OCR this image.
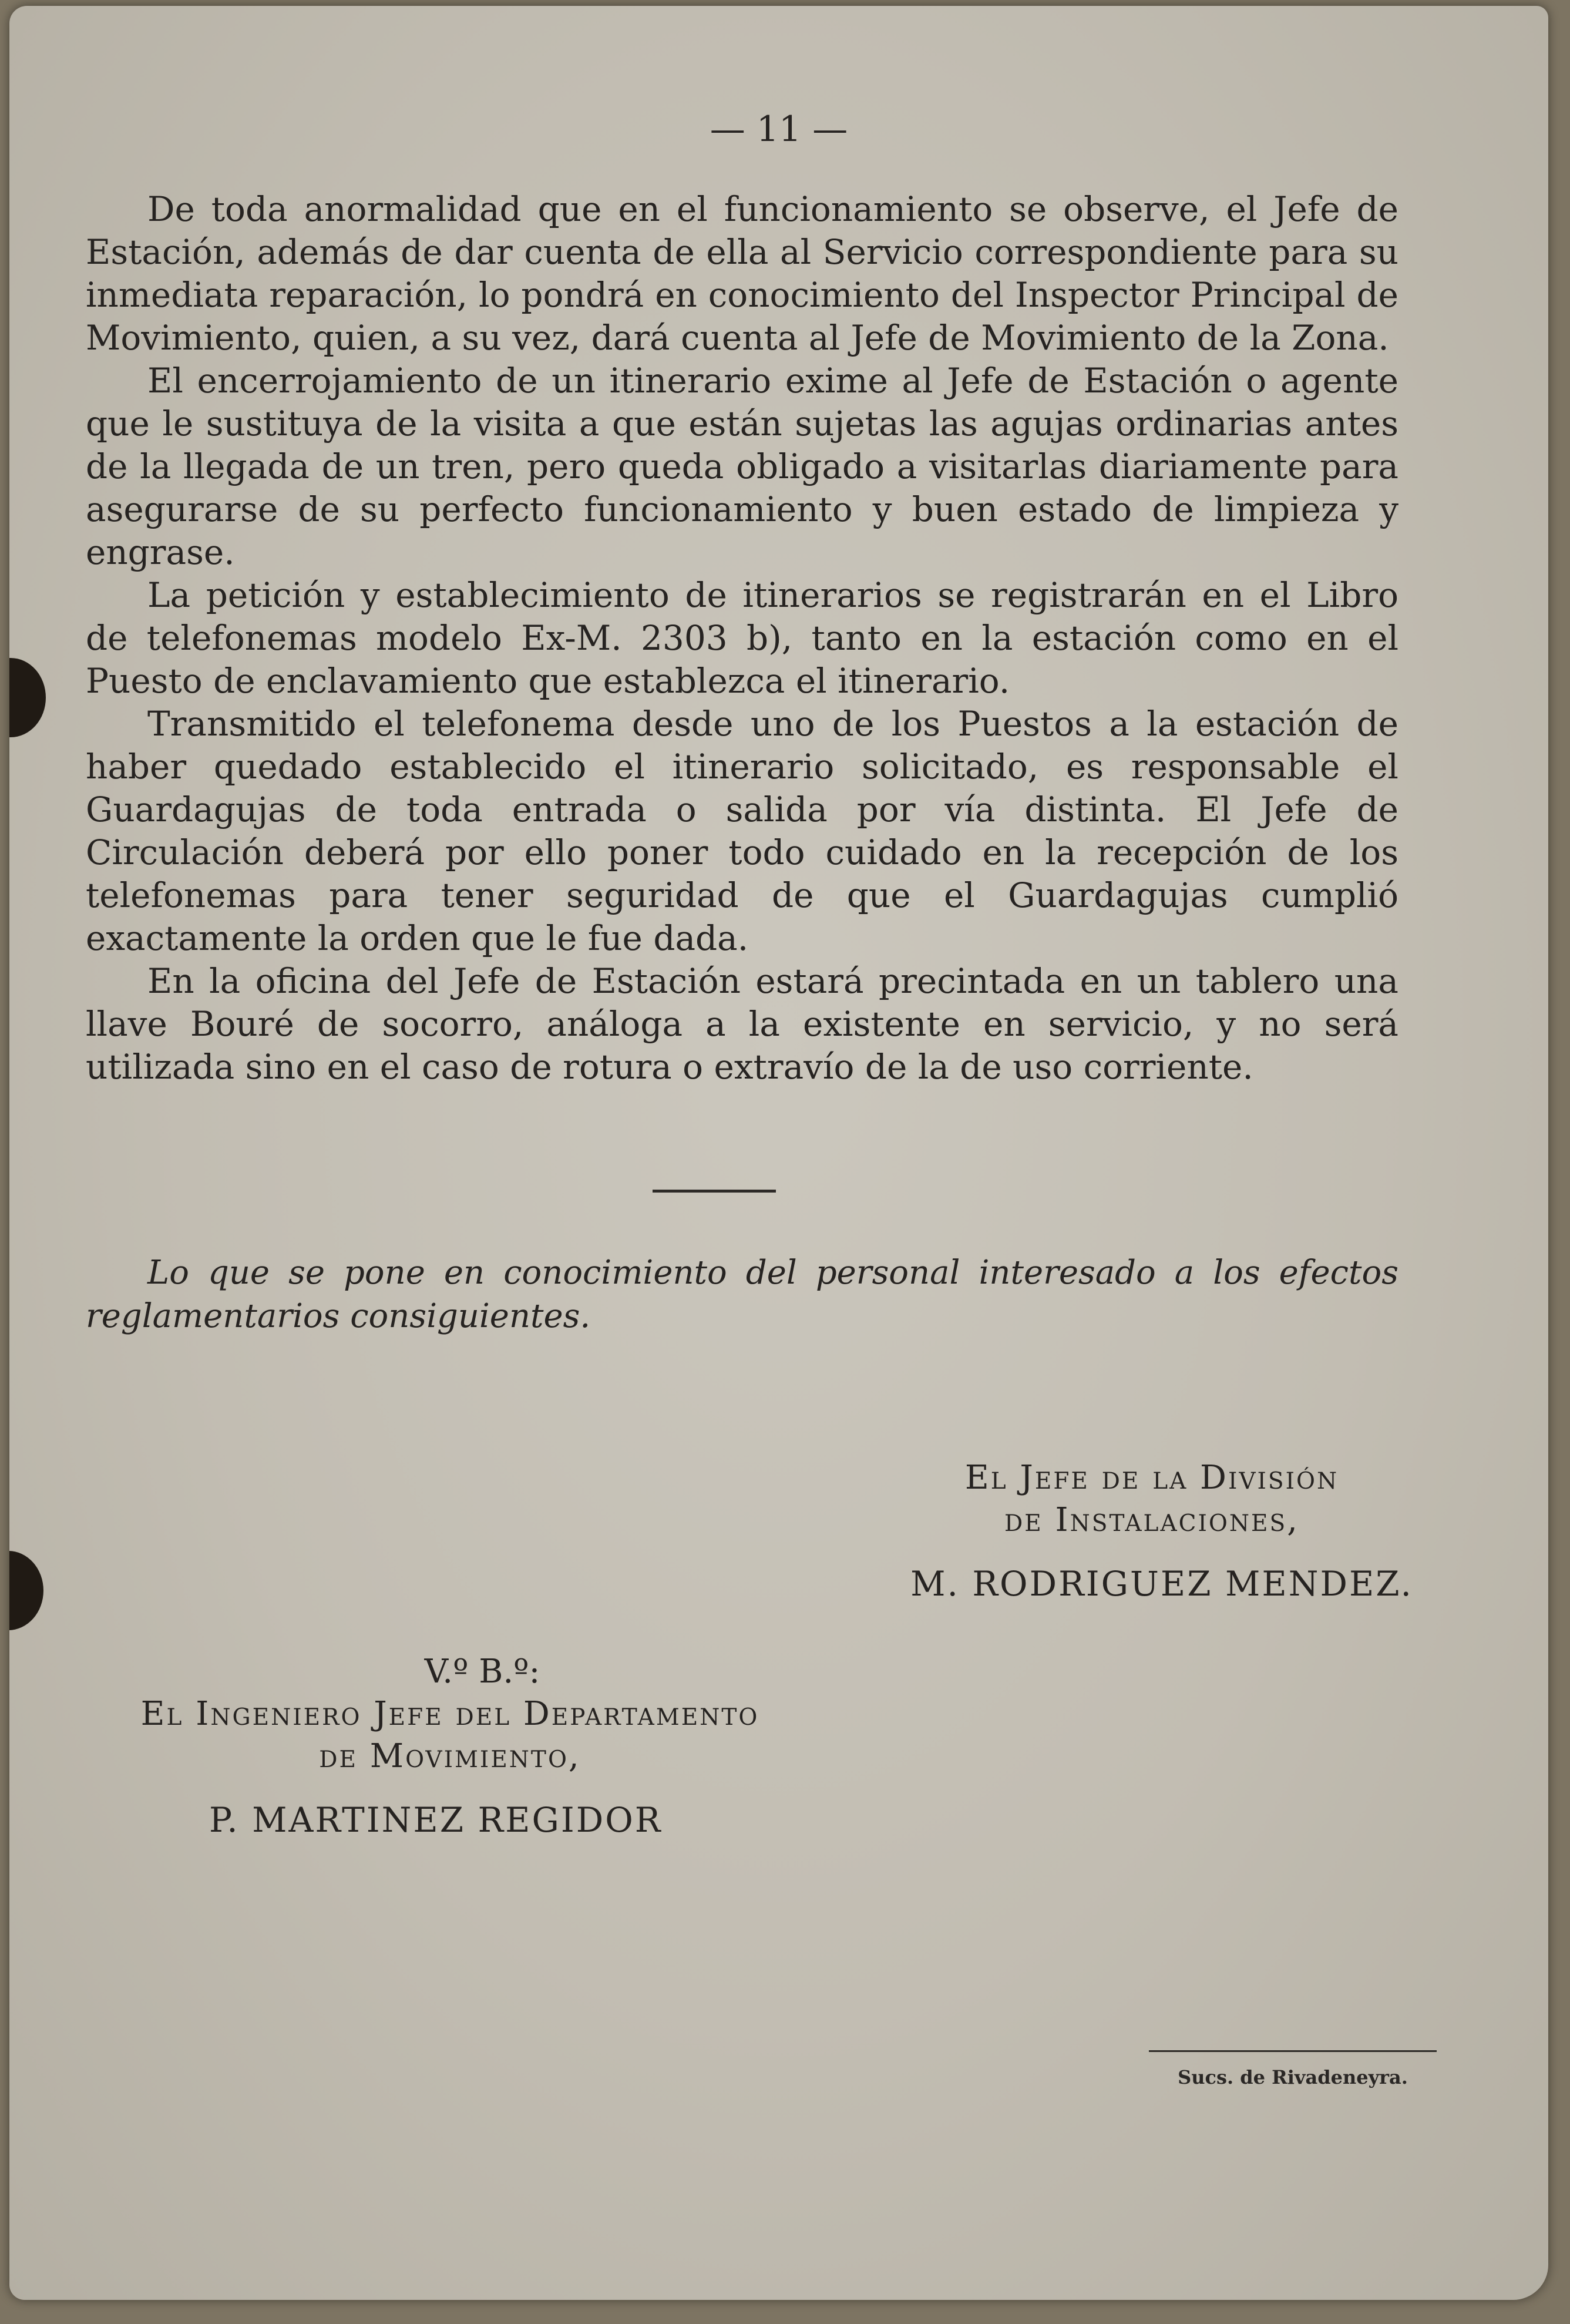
— 11 —

De toda anormalidad que en el funcionamiento se observe, el Jefe de Estación, además de dar cuenta de ella al Servicio correspondiente para su inmediata reparación, lo pondrá en conocimiento del Inspector Principal de Movimiento, quien, a su vez, dará cuenta al Jefe de Movimiento de la Zona.

El encerrojamiento de un itinerario exime al Jefe de Estación o agente que le sustituya de la visita a que están sujetas las agujas ordinarias antes de la llegada de un tren, pero queda obligado a visitarlas diariamente para asegurarse de su perfecto funcionamiento y buen estado de limpieza y engrase.

La petición y establecimiento de itinerarios se registrarán en el Libro de telefonemas modelo Ex-M. 2303 b), tanto en la estación como en el Puesto de enclavamiento que establezca el itinerario.

Transmitido el telefonema desde uno de los Puestos a la estación de haber quedado establecido el itinerario solicitado, es responsable el Guardagujas de toda entrada o salida por vía distinta. El Jefe de Circulación deberá por ello poner todo cuidado en la recepción de los telefonemas para tener seguridad de que el Guardagujas cumplió exactamente la orden que le fue dada.

En la oficina del Jefe de Estación estará precintada en un tablero una llave Bouré de socorro, análoga a la existente en servicio, y no será utilizada sino en el caso de rotura o extravío de la de uso corriente.

Lo que se pone en conocimiento del personal interesado a los efectos reglamentarios consiguientes.

El Jefe de la División
de Instalaciones,
M. RODRIGUEZ MENDEZ.
V.º B.º:
El Ingeniero Jefe del Departamento
de Movimiento,
P. MARTINEZ REGIDOR
Sucs. de Rivadeneyra.
